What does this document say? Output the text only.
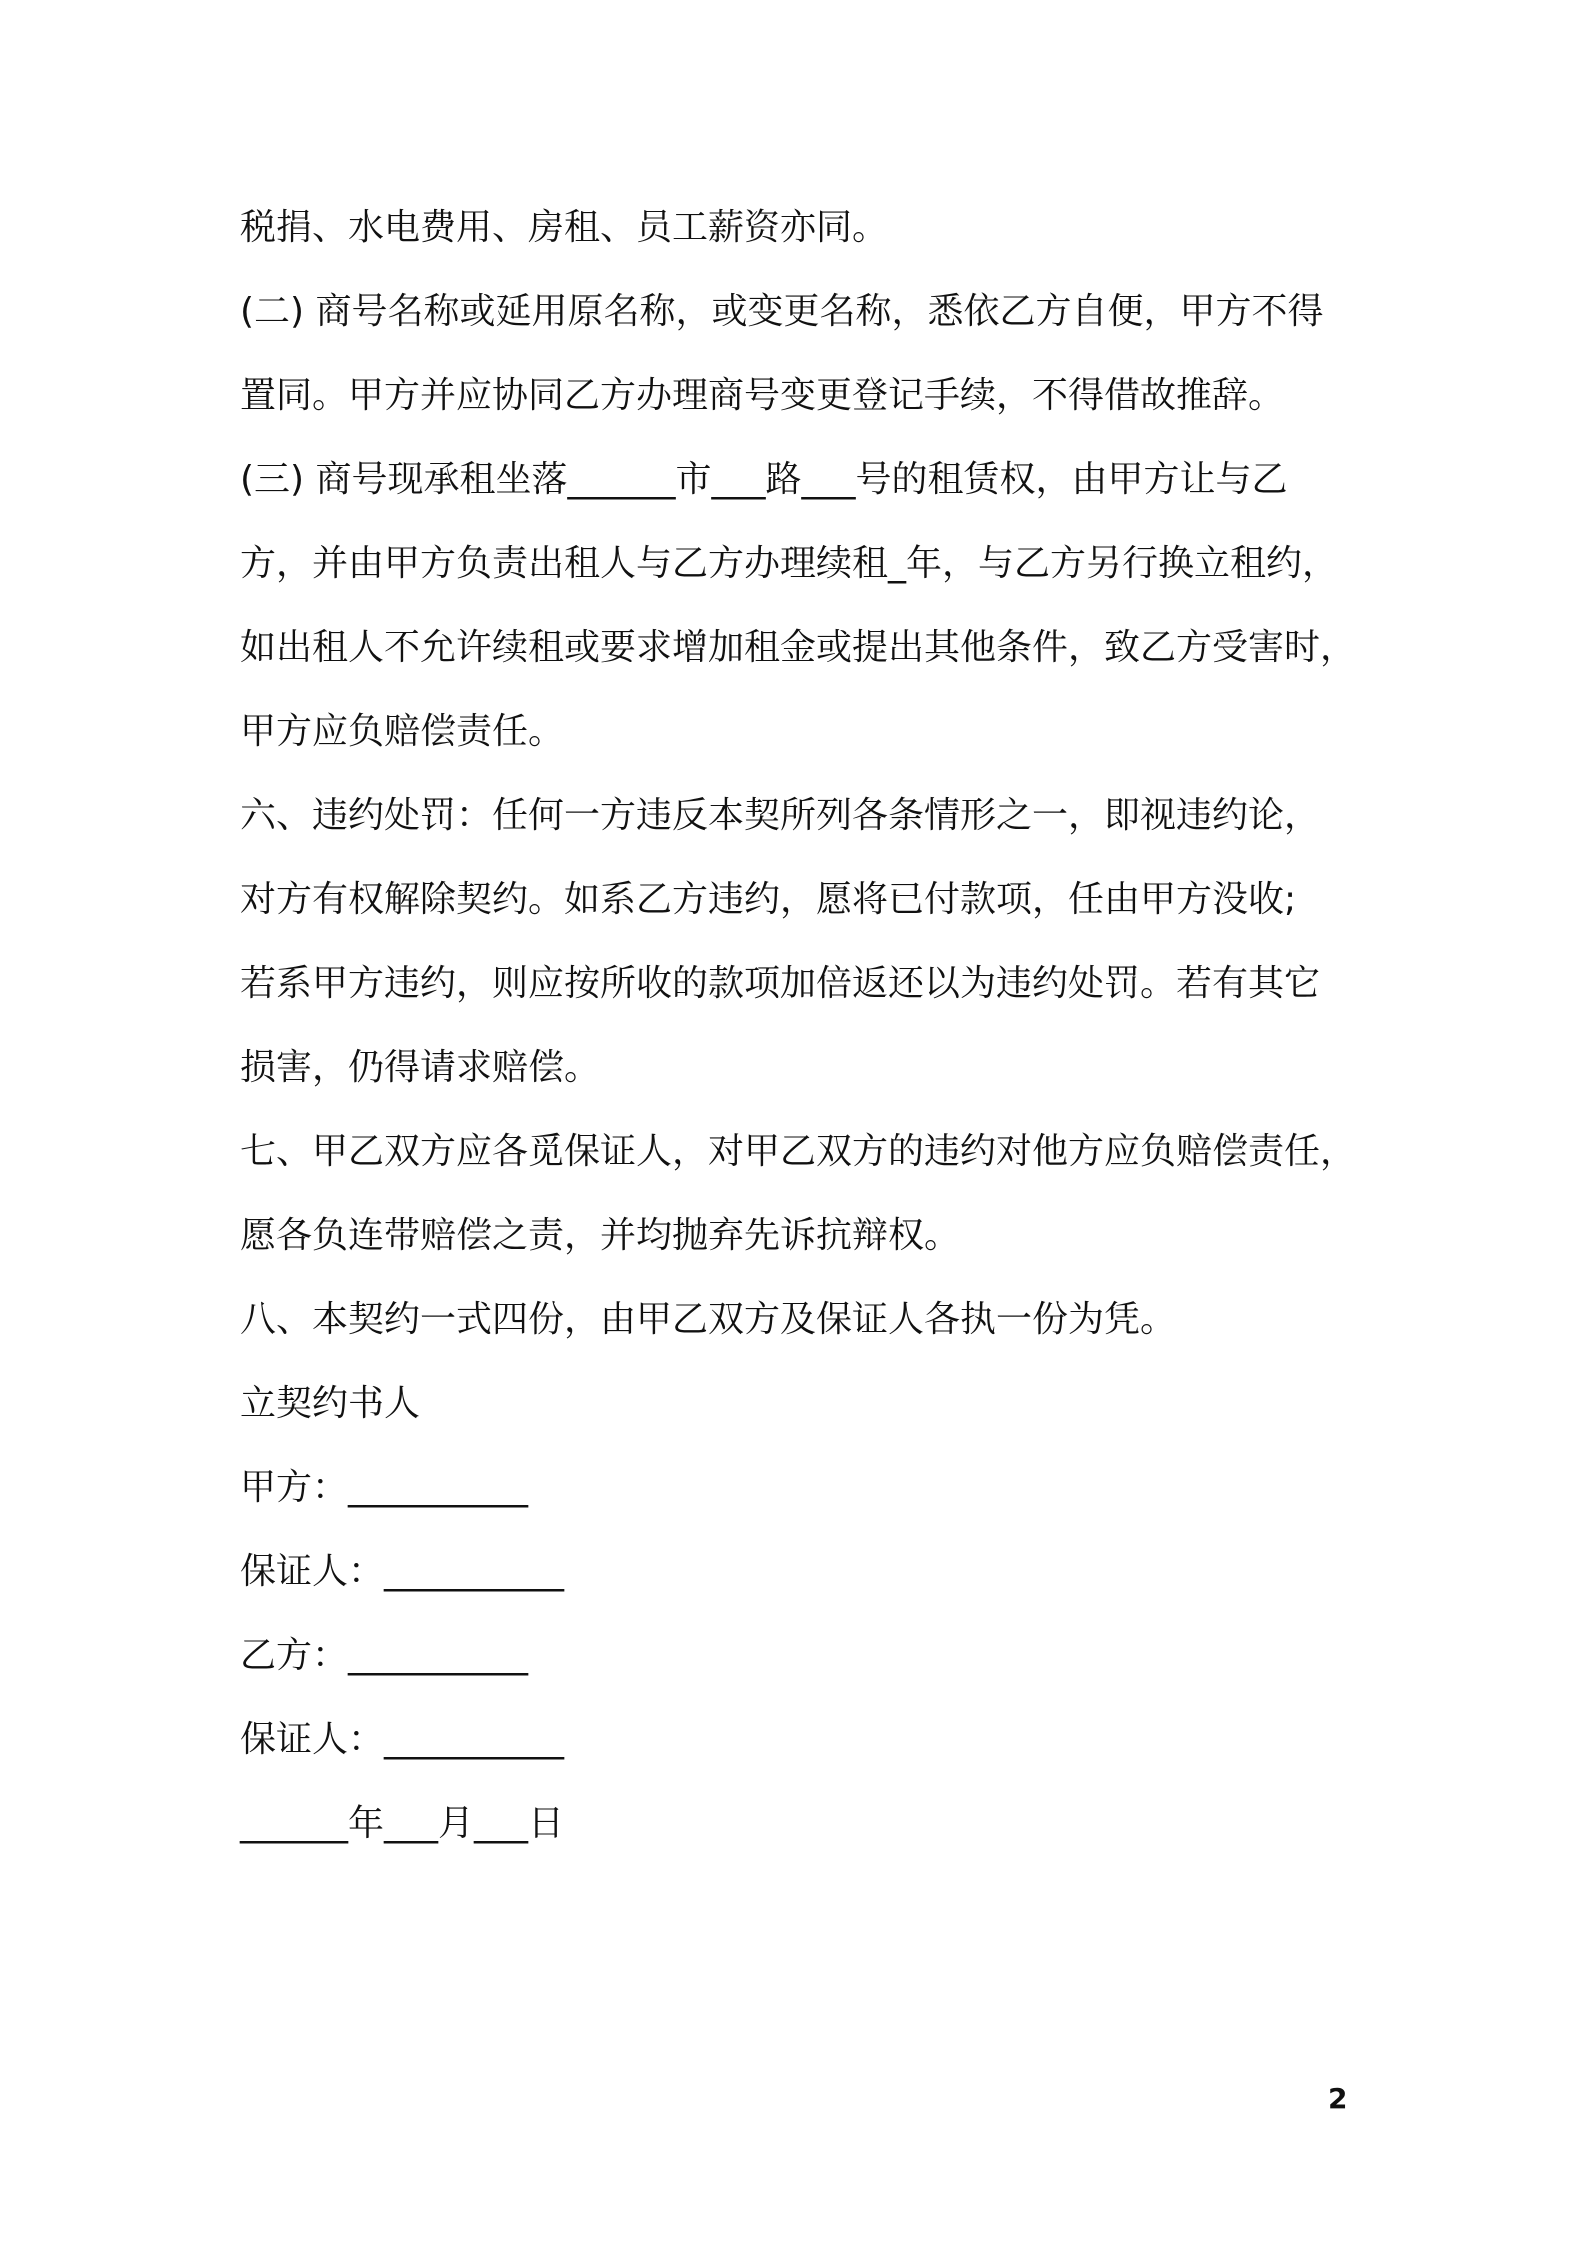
税捐、水电费用、房租、员工薪资亦同。
(二) 商号名称或延用原名称，或变更名称，悉依乙方自便，甲方不得
置同。甲方并应协同乙方办理商号变更登记手续，不得借故推辞。
(三) 商号现承租坐落______市___路___号的租赁权，由甲方让与乙
方，并由甲方负责出租人与乙方办理续租_年，与乙方另行换立租约，
如出租人不允许续租或要求增加租金或提出其他条件，致乙方受害时，
甲方应负赔偿责任。
六、违约处罚：任何一方违反本契所列各条情形之一，即视违约论，
对方有权解除契约。如系乙方违约，愿将已付款项，任由甲方没收;
若系甲方违约，则应按所收的款项加倍返还以为违约处罚。若有其它
损害，仍得请求赔偿。
七、甲乙双方应各觅保证人，对甲乙双方的违约对他方应负赔偿责任，
愿各负连带赔偿之责，并均抛弃先诉抗辩权。
八、本契约一式四份，由甲乙双方及保证人各执一份为凭。
立契约书人
甲方：__________
保证人：__________
乙方：__________
保证人：__________
______年___月___日
2
